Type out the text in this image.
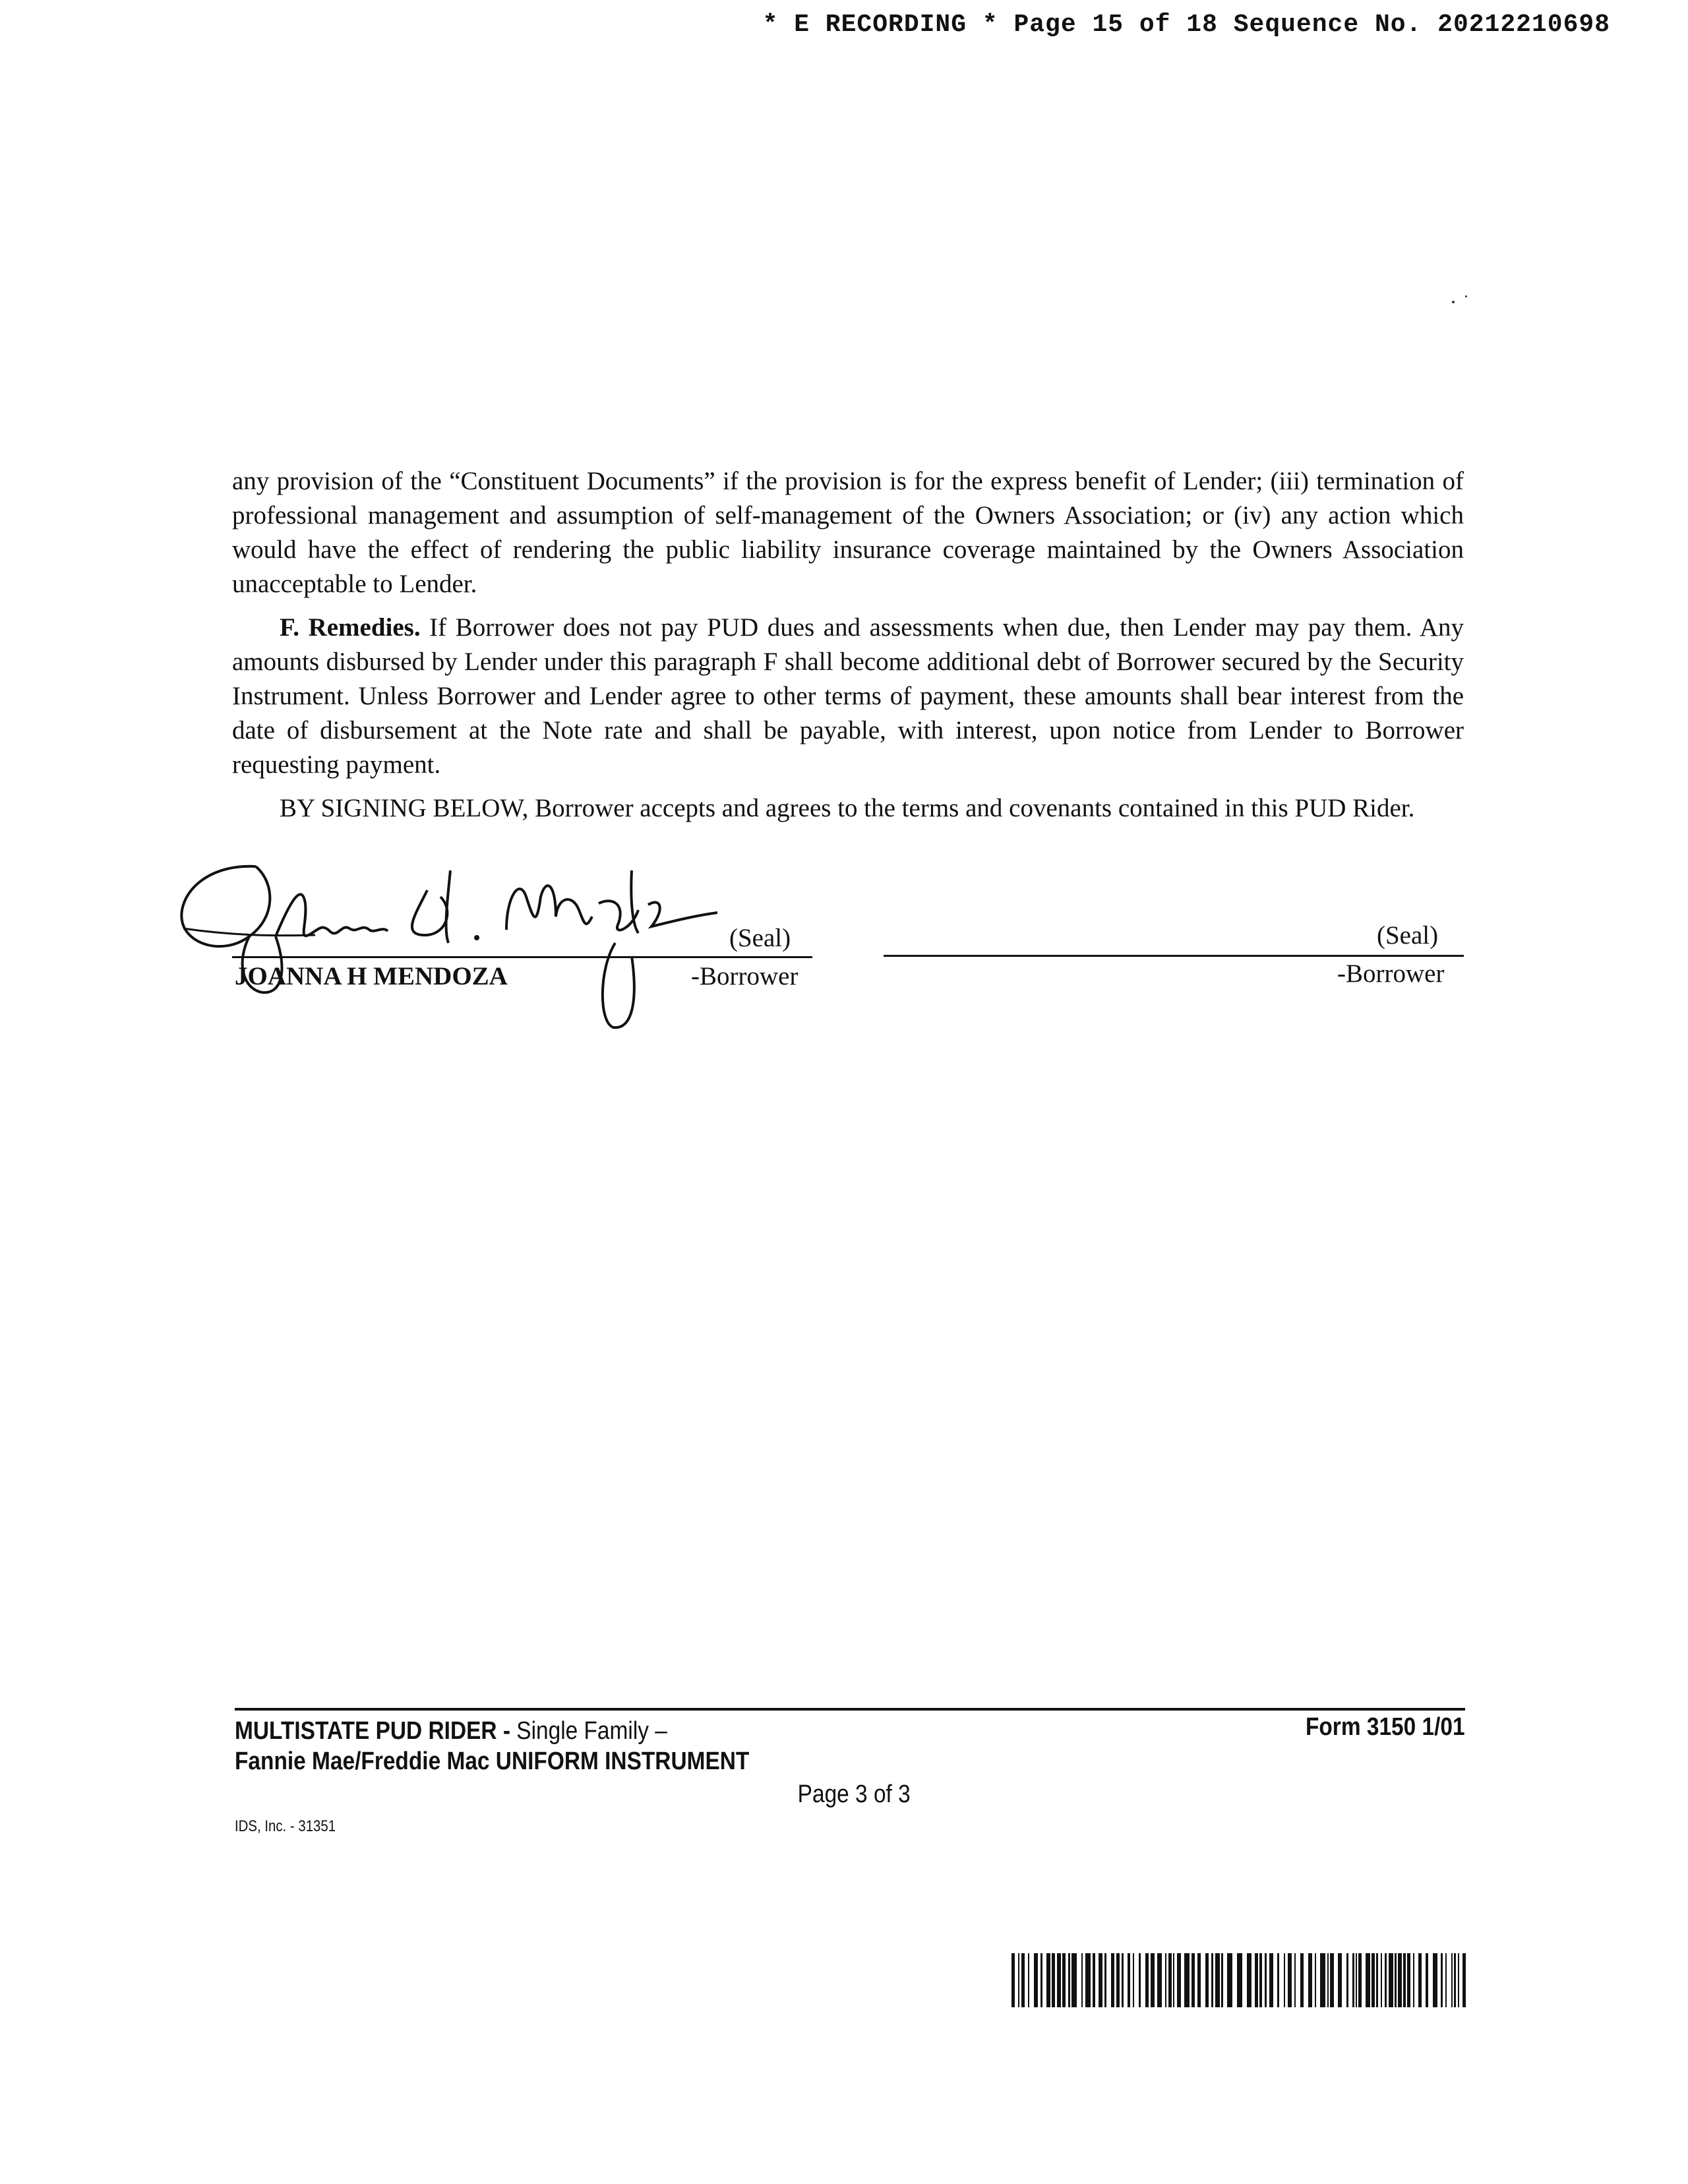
* E RECORDING * Page 15 of 18 Sequence No. 20212210698

any provision of the “Constituent Documents” if the provision is for the express benefit of Lender; (iii) termination of professional management and assumption of self-management of the Owners Association; or (iv) any action which would have the effect of rendering the public liability insurance coverage maintained by the Owners Association unacceptable to Lender.

F. Remedies. If Borrower does not pay PUD dues and assessments when due, then Lender may pay them. Any amounts disbursed by Lender under this paragraph F shall become additional debt of Borrower secured by the Security Instrument. Unless Borrower and Lender agree to other terms of payment, these amounts shall bear interest from the date of disbursement at the Note rate and shall be payable, with interest, upon notice from Lender to Borrower requesting payment.

BY SIGNING BELOW, Borrower accepts and agrees to the terms and covenants contained in this PUD Rider.

(Seal)
JOANNA H MENDOZA	-Borrower
(Seal)
-Borrower
MULTISTATE PUD RIDER - Single Family –
Fannie Mae/Freddie Mac UNIFORM INSTRUMENT
Form 3150 1/01
Page 3 of 3
IDS, Inc. - 31351
